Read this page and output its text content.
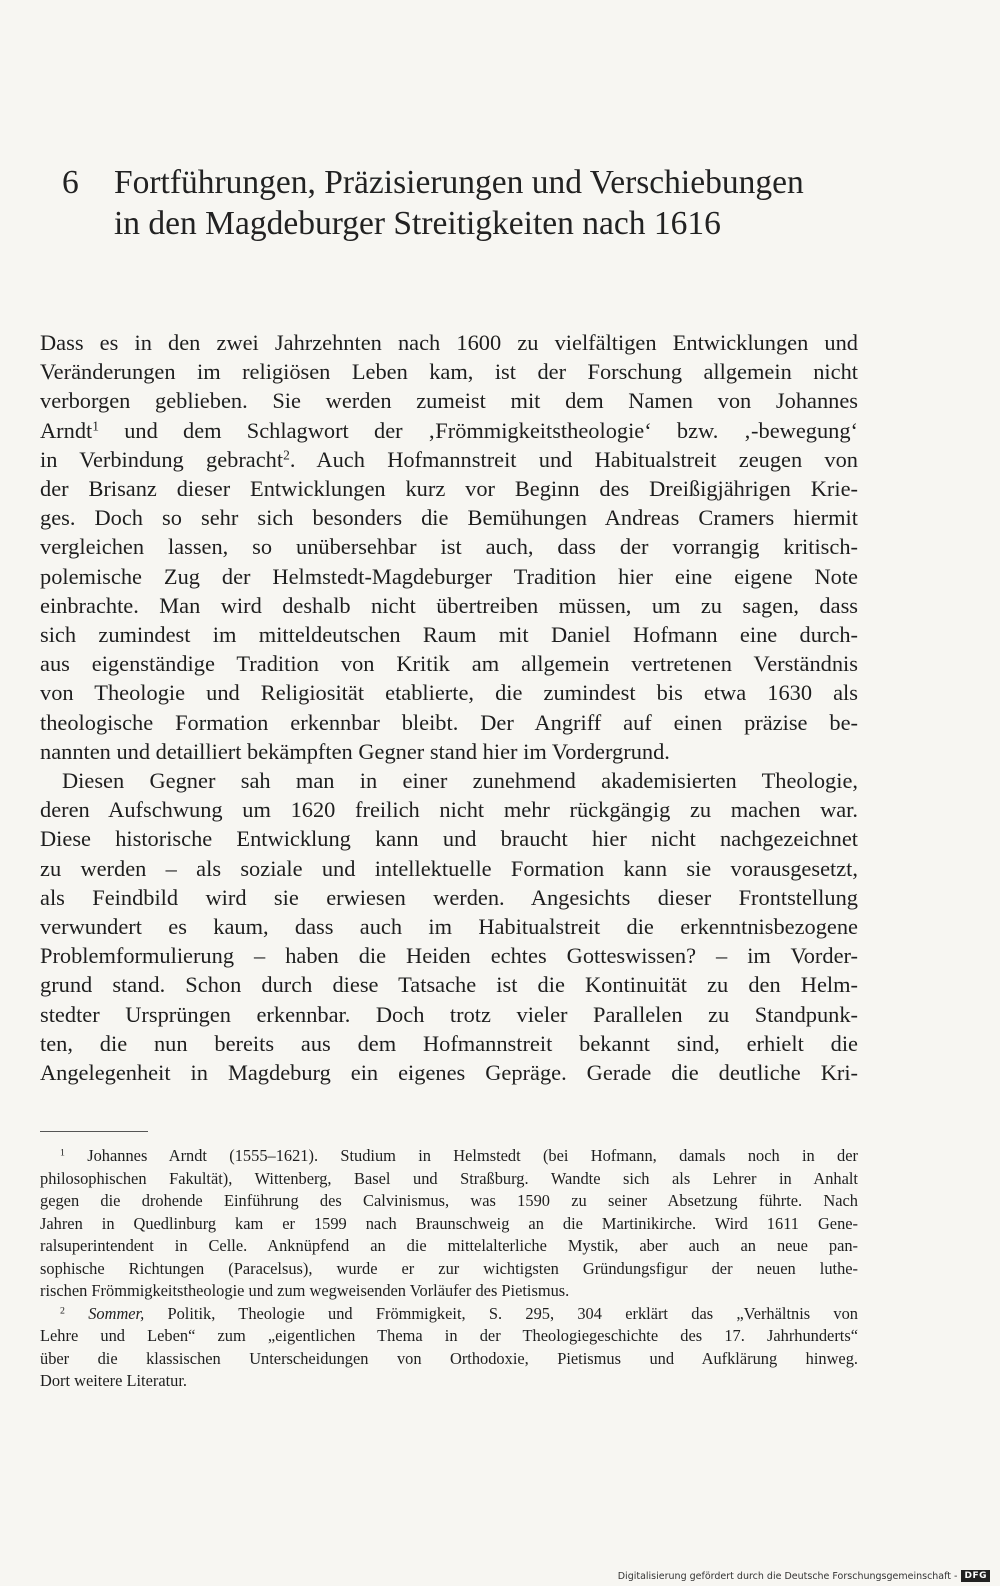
6	Fortführungen, Präzisierungen und Verschiebungen
in den Magdeburger Streitigkeiten nach 1616
Dass es in den zwei Jahrzehnten nach 1600 zu vielfältigen Entwicklungen und
Veränderungen im religiösen Leben kam, ist der Forschung allgemein nicht
verborgen geblieben. Sie werden zumeist mit dem Namen von Johannes
Arndt$^1$ und dem Schlagwort der ‚Frömmigkeitstheologie‘ bzw. ‚-bewegung‘
in Verbindung gebracht$^2$. Auch Hofmannstreit und Habitualstreit zeugen von
der Brisanz dieser Entwicklungen kurz vor Beginn des Dreißigjährigen Krie-
ges. Doch so sehr sich besonders die Bemühungen Andreas Cramers hiermit
vergleichen lassen, so unübersehbar ist auch, dass der vorrangig kritisch-
polemische Zug der Helmstedt-Magdeburger Tradition hier eine eigene Note
einbrachte. Man wird deshalb nicht übertreiben müssen, um zu sagen, dass
sich zumindest im mitteldeutschen Raum mit Daniel Hofmann eine durch-
aus eigenständige Tradition von Kritik am allgemein vertretenen Verständnis
von Theologie und Religiosität etablierte, die zumindest bis etwa 1630 als
theologische Formation erkennbar bleibt. Der Angriff auf einen präzise be-
nannten und detailliert bekämpften Gegner stand hier im Vordergrund.
Diesen Gegner sah man in einer zunehmend akademisierten Theologie,
deren Aufschwung um 1620 freilich nicht mehr rückgängig zu machen war.
Diese historische Entwicklung kann und braucht hier nicht nachgezeichnet
zu werden – als soziale und intellektuelle Formation kann sie vorausgesetzt,
als Feindbild wird sie erwiesen werden. Angesichts dieser Frontstellung
verwundert es kaum, dass auch im Habitualstreit die erkenntnisbezogene
Problemformulierung – haben die Heiden echtes Gotteswissen? – im Vorder-
grund stand. Schon durch diese Tatsache ist die Kontinuität zu den Helm-
stedter Ursprüngen erkennbar. Doch trotz vieler Parallelen zu Standpunk-
ten, die nun bereits aus dem Hofmannstreit bekannt sind, erhielt die
Angelegenheit in Magdeburg ein eigenes Gepräge. Gerade die deutliche Kri-
$^1$ Johannes Arndt (1555–1621). Studium in Helmstedt (bei Hofmann, damals noch in der
philosophischen Fakultät), Wittenberg, Basel und Straßburg. Wandte sich als Lehrer in Anhalt
gegen die drohende Einführung des Calvinismus, was 1590 zu seiner Absetzung führte. Nach
Jahren in Quedlinburg kam er 1599 nach Braunschweig an die Martinikirche. Wird 1611 Gene-
ralsuperintendent in Celle. Anknüpfend an die mittelalterliche Mystik, aber auch an neue pan-
sophische Richtungen (Paracelsus), wurde er zur wichtigsten Gründungsfigur der neuen luthe-
rischen Frömmigkeitstheologie und zum wegweisenden Vorläufer des Pietismus.
$^2$ Sommer, Politik, Theologie und Frömmigkeit, S. 295, 304 erklärt das „Verhältnis von
Lehre und Leben“ zum „eigentlichen Thema in der Theologiegeschichte des 17. Jahrhunderts“
über die klassischen Unterscheidungen von Orthodoxie, Pietismus und Aufklärung hinweg.
Dort weitere Literatur.
Digitalisierung gefördert durch die Deutsche Forschungsgemeinschaft - DFG
